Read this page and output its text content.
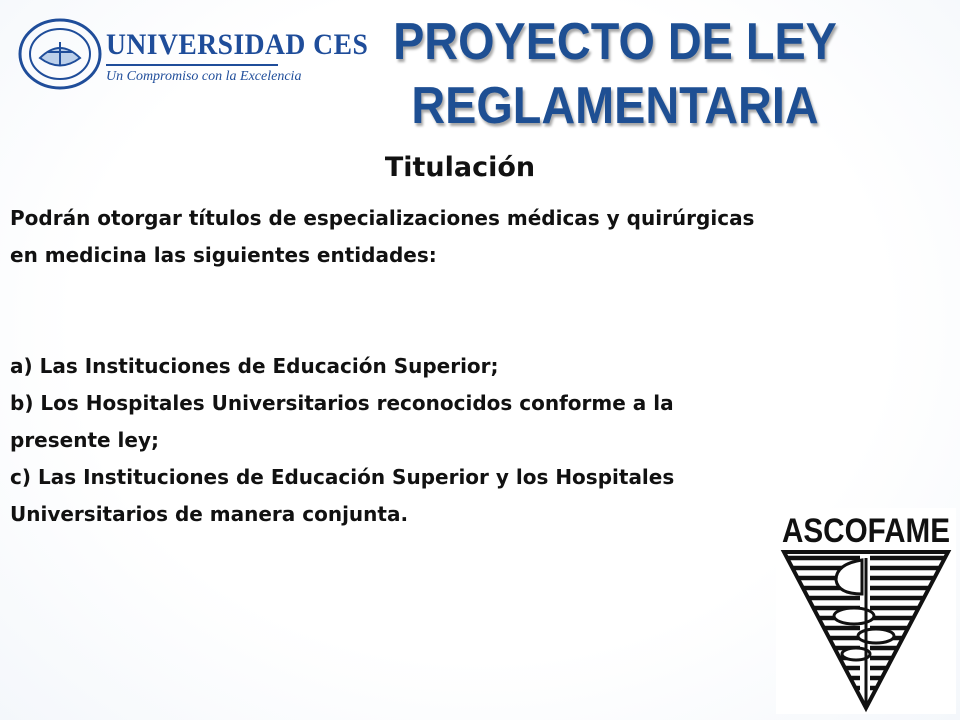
UNIVERSIDAD CES
Un Compromiso con la Excelencia
PROYECTO DE LEY
REGLAMENTARIA
Titulación

Podrán otorgar títulos de especializaciones médicas y quirúrgicas

en medicina las siguientes entidades:

a) Las Instituciones de Educación Superior;

b) Los Hospitales Universitarios reconocidos conforme a la

presente ley;

c) Las Instituciones de Educación Superior y los Hospitales

Universitarios de manera conjunta.	ASCOFAME
